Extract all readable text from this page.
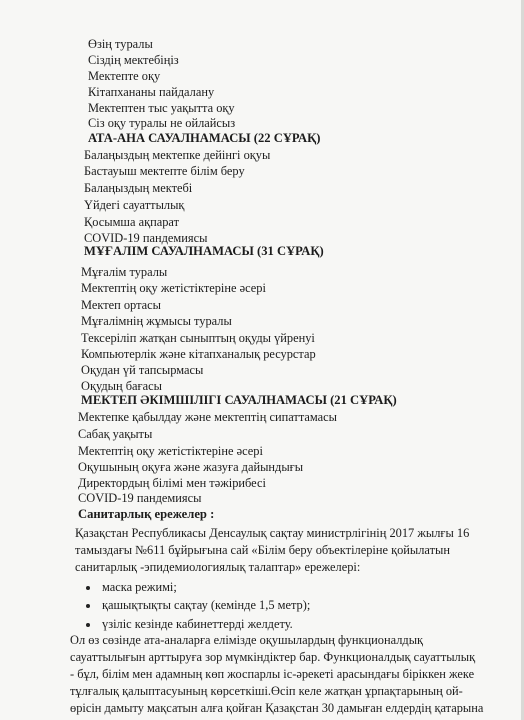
Өзің туралы
Сіздің мектебіңіз
Мектепте оқу
Кітапхананы пайдалану
Мектептен тыс уақытта оқу
Сіз оқу туралы не ойлайсыз
АТА-АНА САУАЛНАМАСЫ (22 СҰРАҚ)
Балаңыздың мектепке дейінгі оқуы
Бастауыш мектепте білім беру
Балаңыздың мектебі
Үйдегі сауаттылық
Қосымша ақпарат
COVID-19 пандемиясы
МҰҒАЛІМ САУАЛНАМАСЫ (31 СҰРАҚ)
Мұғалім туралы
Мектептің оқу жетістіктеріне әсері
Мектеп ортасы
Мұғалімнің жұмысы туралы
Тексеріліп жатқан сыныптың оқуды үйренуі
Компьютерлік және кітапханалық ресурстар
Оқудан үй тапсырмасы
Оқудың бағасы
МЕКТЕП ӘКІМШІЛІГІ САУАЛНАМАСЫ (21 СҰРАҚ)
Мектепке қабылдау және мектептің сипаттамасы
Сабақ уақыты
Мектептің оқу жетістіктеріне әсері
Оқушының оқуға және жазуға дайындығы
Директордың білімі мен тәжірибесі
COVID-19 пандемиясы
Санитарлық ережелер :
Қазақстан Республикасы Денсаулық сақтау министрлігінің 2017 жылғы 16
тамыздағы №611 бұйрығына сай «Білім беру объектілеріне қойылатын
санитарлық -эпидемиологиялық талаптар» ережелері:
маска режимі;
қашықтықты сақтау (кемінде 1,5 метр);
үзіліс кезінде кабинеттерді желдету.
Ол өз сөзінде ата-аналарға елімізде оқушылардың функционалдық
сауаттылығын арттыруға зор мүмкіндіктер бар. Функционалдық сауаттылық
- бұл, білім мен адамның көп жоспарлы іс-әрекеті арасындағы біріккен жеке
тұлғалық қалыптасуының көрсеткіші.Өсіп келе жатқан ұрпақтарының ой-
өрісін дамыту мақсатын алға қойған Қазақстан 30 дамыған елдердің қатарына
